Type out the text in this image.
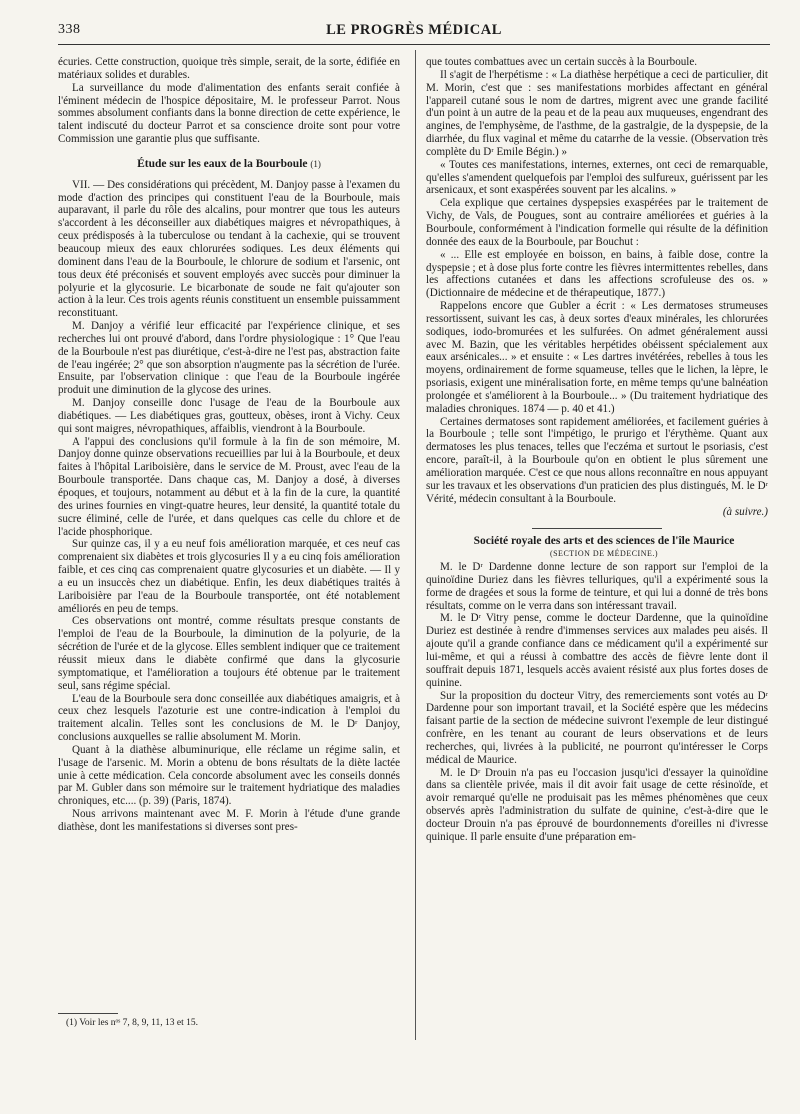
338	LE PROGRÈS MÉDICAL

écuries. Cette construction, quoique très simple, serait, de la sorte, édifiée en matériaux solides et durables.

La surveillance du mode d'alimentation des enfants serait confiée à l'éminent médecin de l'hospice dépositaire, M. le professeur Parrot. Nous sommes absolument confiants dans la bonne direction de cette expérience, le talent indiscuté du docteur Parrot et sa conscience droite sont pour votre Commission une garantie plus que suffisante.

Étude sur les eaux de la Bourboule (1)

VII. — Des considérations qui précèdent, M. Danjoy passe à l'examen du mode d'action des principes qui constituent l'eau de la Bourboule, mais auparavant, il parle du rôle des alcalins, pour montrer que tous les auteurs s'accordent à les déconseiller aux diabétiques maigres et névropathiques, à ceux prédisposés à la tuberculose ou tendant à la cachexie, qui se trouvent beaucoup mieux des eaux chlorurées sodiques. Les deux éléments qui dominent dans l'eau de la Bourboule, le chlorure de sodium et l'arsenic, ont tous deux été préconisés et souvent employés avec succès pour diminuer la polyurie et la glycosurie. Le bicarbonate de soude ne fait qu'ajouter son action à la leur. Ces trois agents réunis constituent un ensemble puissamment reconstituant.

M. Danjoy a vérifié leur efficacité par l'expérience clinique, et ses recherches lui ont prouvé d'abord, dans l'ordre physiologique : 1° Que l'eau de la Bourboule n'est pas diurétique, c'est-à-dire ne l'est pas, abstraction faite de l'eau ingérée; 2° que son absorption n'augmente pas la sécrétion de l'urée. Ensuite, par l'observation clinique : que l'eau de la Bourboule ingérée produit une diminution de la glycose des urines.

M. Danjoy conseille donc l'usage de l'eau de la Bourboule aux diabétiques. — Les diabétiques gras, goutteux, obèses, iront à Vichy. Ceux qui sont maigres, névropathiques, affaiblis, viendront à la Bourboule.

A l'appui des conclusions qu'il formule à la fin de son mémoire, M. Danjoy donne quinze observations recueillies par lui à la Bourboule, et deux faites à l'hôpital Lariboisière, dans le service de M. Proust, avec l'eau de la Bourboule transportée. Dans chaque cas, M. Danjoy a dosé, à diverses époques, et toujours, notamment au début et à la fin de la cure, la quantité des urines fournies en vingt-quatre heures, leur densité, la quantité totale du sucre éliminé, celle de l'urée, et dans quelques cas celle du chlore et de l'acide phosphorique.

Sur quinze cas, il y a eu neuf fois amélioration marquée, et ces neuf cas comprenaient six diabètes et trois glycosuries Il y a eu cinq fois amélioration faible, et ces cinq cas comprenaient quatre glycosuries et un diabète. — Il y a eu un insuccès chez un diabétique. Enfin, les deux diabétiques traités à Lariboisière par l'eau de la Bourboule transportée, ont été notablement améliorés en peu de temps.

Ces observations ont montré, comme résultats presque constants de l'emploi de l'eau de la Bourboule, la diminution de la polyurie, de la sécrétion de l'urée et de la glycose. Elles semblent indiquer que ce traitement réussit mieux dans le diabète confirmé que dans la glycosurie symptomatique, et l'amélioration a toujours été obtenue par le traitement seul, sans régime spécial.

L'eau de la Bourboule sera donc conseillée aux diabétiques amaigris, et à ceux chez lesquels l'azoturie est une contre-indication à l'emploi du traitement alcalin. Telles sont les conclusions de M. le Dʳ Danjoy, conclusions auxquelles se rallie absolument M. Morin.

Quant à la diathèse albuminurique, elle réclame un régime salin, et l'usage de l'arsenic. M. Morin a obtenu de bons résultats de la diète lactée unie à cette médication. Cela concorde absolument avec les conseils donnés par M. Gubler dans son mémoire sur le traitement hydriatique des maladies chroniques, etc.... (p. 39) (Paris, 1874).

Nous arrivons maintenant avec M. F. Morin à l'étude d'une grande diathèse, dont les manifestations si diverses sont pres-

(1) Voir les nᵒˢ 7, 8, 9, 11, 13 et 15.

que toutes combattues avec un certain succès à la Bourboule.

Il s'agit de l'herpétisme : « La diathèse herpétique a ceci de particulier, dit M. Morin, c'est que : ses manifestations morbides affectant en général l'appareil cutané sous le nom de dartres, migrent avec une grande facilité d'un point à un autre de la peau et de la peau aux muqueuses, engendrant des angines, de l'emphysème, de l'asthme, de la gastralgie, de la dyspepsie, de la diarrhée, du flux vaginal et même du catarrhe de la vessie. (Observation très complète du Dʳ Emile Bégin.) »

« Toutes ces manifestations, internes, externes, ont ceci de remarquable, qu'elles s'amendent quelquefois par l'emploi des sulfureux, guérissent par les arsenicaux, et sont exaspérées souvent par les alcalins. »

Cela explique que certaines dyspepsies exaspérées par le traitement de Vichy, de Vals, de Pougues, sont au contraire améliorées et guéries à la Bourboule, conformément à l'indication formelle qui résulte de la définition donnée des eaux de la Bourboule, par Bouchut :

« ... Elle est employée en boisson, en bains, à faible dose, contre la dyspepsie ; et à dose plus forte contre les fièvres intermittentes rebelles, dans les affections cutanées et dans les affections scrofuleuse des os. » (Dictionnaire de médecine et de thérapeutique, 1877.)

Rappelons encore que Gubler a écrit : « Les dermatoses strumeuses ressortissent, suivant les cas, à deux sortes d'eaux minérales, les chlorurées sodiques, iodo-bromurées et les sulfurées. On admet généralement aussi avec M. Bazin, que les véritables herpétides obéissent spécialement aux eaux arsénicales... » et ensuite : « Les dartres invétérées, rebelles à tous les moyens, ordinairement de forme squameuse, telles que le lichen, la lèpre, le psoriasis, exigent une minéralisation forte, en même temps qu'une balnéation prolongée et s'améliorent à la Bourboule... » (Du traitement hydriatique des maladies chroniques. 1874 — p. 40 et 41.)

Certaines dermatoses sont rapidement améliorées, et facilement guéries à la Bourboule ; telle sont l'impétigo, le prurigo et l'érythème. Quant aux dermatoses les plus tenaces, telles que l'eczéma et surtout le psoriasis, c'est encore, paraît-il, à la Bourboule qu'on en obtient le plus sûrement une amélioration marquée. C'est ce que nous allons reconnaître en nous appuyant sur les travaux et les observations d'un praticien des plus distingués, M. le Dʳ Vérité, médecin consultant à la Bourboule.

(à suivre.)

Société royale des arts et des sciences de l'île Maurice

(SECTION DE MÉDECINE.)

M. le Dʳ Dardenne donne lecture de son rapport sur l'emploi de la quinoïdine Duriez dans les fièvres telluriques, qu'il a expérimenté sous la forme de dragées et sous la forme de teinture, et qui lui a donné de très bons résultats, comme on le verra dans son intéressant travail.

M. le Dʳ Vitry pense, comme le docteur Dardenne, que la quinoïdine Duriez est destinée à rendre d'immenses services aux malades peu aisés. Il ajoute qu'il a grande confiance dans ce médicament qu'il a expérimenté sur lui-même, et qui a réussi à combattre des accès de fièvre lente dont il souffrait depuis 1871, lesquels accès avaient résisté aux plus fortes doses de quinine.

Sur la proposition du docteur Vitry, des remerciements sont votés au Dʳ Dardenne pour son important travail, et la Société espère que les médecins faisant partie de la section de médecine suivront l'exemple de leur distingué confrère, en les tenant au courant de leurs observations et de leurs recherches, qui, livrées à la publicité, ne pourront qu'intéresser le Corps médical de Maurice.

M. le Dʳ Drouin n'a pas eu l'occasion jusqu'ici d'essayer la quinoïdine dans sa clientèle privée, mais il dit avoir fait usage de cette résinoïde, et avoir remarqué qu'elle ne produisait pas les mêmes phénomènes que ceux observés après l'administration du sulfate de quinine, c'est-à-dire que le docteur Drouin n'a pas éprouvé de bourdonnements d'oreilles ni d'ivresse quinique. Il parle ensuite d'une préparation em-
